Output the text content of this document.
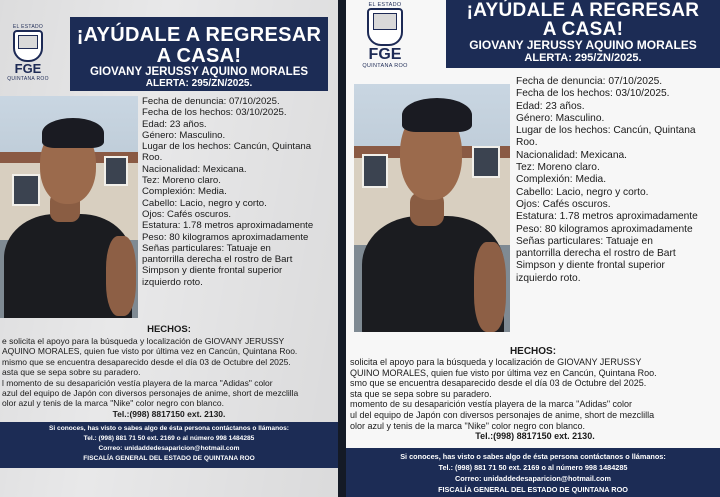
EL ESTADO
FGE
QUINTANA ROO
¡AYÚDALE A REGRESAR
A CASA!
GIOVANY JERUSSY AQUINO MORALES
ALERTA: 295/ZN/2025.
Fecha de denuncia: 07/10/2025.
Fecha de los hechos: 03/10/2025.
Edad: 23 años.
Género: Masculino.
Lugar de los hechos: Cancún, Quintana
Roo.
Nacionalidad: Mexicana.
Tez: Moreno claro.
Complexión: Media.
Cabello: Lacio, negro y corto.
Ojos: Cafés oscuros.
Estatura: 1.78 metros aproximadamente
Peso: 80 kilogramos aproximadamente
Señas particulares: Tatuaje en
pantorrilla derecha el rostro de Bart
Simpson y diente frontal superior
izquierdo roto.
HECHOS:
e solicita el apoyo para la búsqueda y localización de GIOVANY JERUSSY
AQUINO MORALES, quien fue visto por última vez en Cancún, Quintana Roo.
mismo que se encuentra desaparecido desde el día 03 de Octubre del 2025.
asta que se sepa sobre su paradero.
l momento de su desaparición vestía playera de la marca "Adidas" color
azul del equipo de Japón con diversos personajes de anime, short de mezclilla
olor azul y tenis de la marca "Nike" color negro con blanco.
Tel.:(998) 8817150 ext. 2130.
Si conoces, has visto o sabes algo de ésta persona contáctanos o llámanos:
Tel.: (998) 881 71 50 ext. 2169 o al número 998 1484285
Correo: unidaddedesaparicion@hotmail.com
FISCALÍA GENERAL DEL ESTADO DE QUINTANA ROO
EL ESTADO
FGE
QUINTANA ROO
¡AYÚDALE A REGRESAR
A CASA!
GIOVANY JERUSSY AQUINO MORALES
ALERTA: 295/ZN/2025.
Fecha de denuncia: 07/10/2025.
Fecha de los hechos: 03/10/2025.
Edad: 23 años.
Género: Masculino.
Lugar de los hechos: Cancún, Quintana
Roo.
Nacionalidad: Mexicana.
Tez: Moreno claro.
Complexión: Media.
Cabello: Lacio, negro y corto.
Ojos: Cafés oscuros.
Estatura: 1.78 metros aproximadamente
Peso: 80 kilogramos aproximadamente
Señas particulares: Tatuaje en
pantorrilla derecha el rostro de Bart
Simpson y diente frontal superior
izquierdo roto.
HECHOS:
solicita el apoyo para la búsqueda y localización de GIOVANY JERUSSY
QUINO MORALES, quien fue visto por última vez en Cancún, Quintana Roo.
smo que se encuentra desaparecido desde el día 03 de Octubre del 2025.
sta que se sepa sobre su paradero.
momento de su desaparición vestía playera de la marca "Adidas" color
ul del equipo de Japón con diversos personajes de anime, short de mezclilla
olor azul y tenis de la marca "Nike" color negro con blanco.
Tel.:(998) 8817150 ext. 2130.
Si conoces, has visto o sabes algo de ésta persona contáctanos o llámanos:
Tel.: (998) 881 71 50 ext. 2169 o al número 998 1484285
Correo: unidaddedesaparicion@hotmail.com
FISCALÍA GENERAL DEL ESTADO DE QUINTANA ROO
